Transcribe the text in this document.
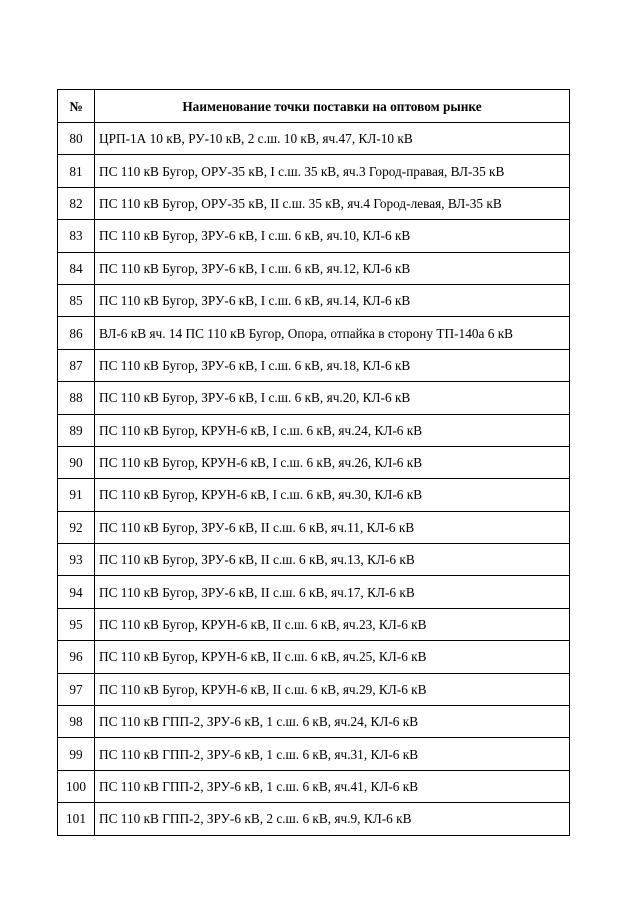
№	Наименование точки поставки на оптовом рынке
80	ЦРП-1А 10 кВ, РУ-10 кВ, 2 с.ш. 10 кВ, яч.47, КЛ-10 кВ
81	ПС 110 кВ Бугор, ОРУ-35 кВ, I с.ш. 35 кВ, яч.3 Город-правая, ВЛ-35 кВ
82	ПС 110 кВ Бугор, ОРУ-35 кВ, II с.ш. 35 кВ, яч.4 Город-левая, ВЛ-35 кВ
83	ПС 110 кВ Бугор, ЗРУ-6 кВ, I с.ш. 6 кВ, яч.10, КЛ-6 кВ
84	ПС 110 кВ Бугор, ЗРУ-6 кВ, I с.ш. 6 кВ, яч.12, КЛ-6 кВ
85	ПС 110 кВ Бугор, ЗРУ-6 кВ, I с.ш. 6 кВ, яч.14, КЛ-6 кВ
86	ВЛ-6 кВ яч. 14 ПС 110 кВ Бугор, Опора, отпайка в сторону ТП-140а 6 кВ
87	ПС 110 кВ Бугор, ЗРУ-6 кВ, I с.ш. 6 кВ, яч.18, КЛ-6 кВ
88	ПС 110 кВ Бугор, ЗРУ-6 кВ, I с.ш. 6 кВ, яч.20, КЛ-6 кВ
89	ПС 110 кВ Бугор, КРУН-6 кВ, I с.ш. 6 кВ, яч.24, КЛ-6 кВ
90	ПС 110 кВ Бугор, КРУН-6 кВ, I с.ш. 6 кВ, яч.26, КЛ-6 кВ
91	ПС 110 кВ Бугор, КРУН-6 кВ, I с.ш. 6 кВ, яч.30, КЛ-6 кВ
92	ПС 110 кВ Бугор, ЗРУ-6 кВ, II с.ш. 6 кВ, яч.11, КЛ-6 кВ
93	ПС 110 кВ Бугор, ЗРУ-6 кВ, II с.ш. 6 кВ, яч.13, КЛ-6 кВ
94	ПС 110 кВ Бугор, ЗРУ-6 кВ, II с.ш. 6 кВ, яч.17, КЛ-6 кВ
95	ПС 110 кВ Бугор, КРУН-6 кВ, II с.ш. 6 кВ, яч.23, КЛ-6 кВ
96	ПС 110 кВ Бугор, КРУН-6 кВ, II с.ш. 6 кВ, яч.25, КЛ-6 кВ
97	ПС 110 кВ Бугор, КРУН-6 кВ, II с.ш. 6 кВ, яч.29, КЛ-6 кВ
98	ПС 110 кВ ГПП-2, ЗРУ-6 кВ, 1 с.ш. 6 кВ, яч.24, КЛ-6 кВ
99	ПС 110 кВ ГПП-2, ЗРУ-6 кВ, 1 с.ш. 6 кВ, яч.31, КЛ-6 кВ
100	ПС 110 кВ ГПП-2, ЗРУ-6 кВ, 1 с.ш. 6 кВ, яч.41, КЛ-6 кВ
101	ПС 110 кВ ГПП-2, ЗРУ-6 кВ, 2 с.ш. 6 кВ, яч.9, КЛ-6 кВ
